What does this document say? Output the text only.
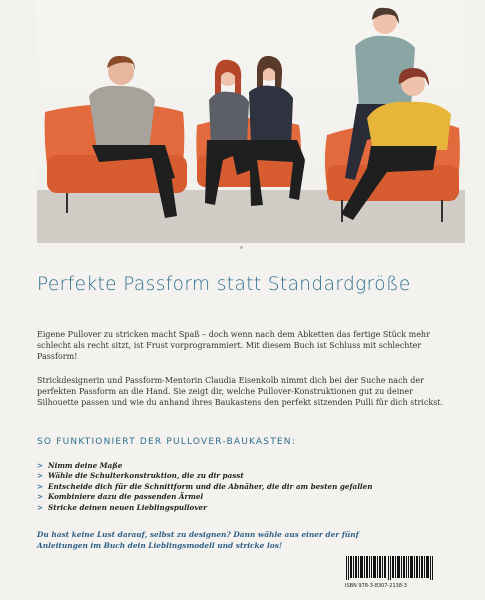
Perfekte Passform statt Standardgröße

Eigene Pullover zu stricken macht Spaß – doch wenn nach dem Abketten das fertige Stück mehr schlecht als recht sitzt, ist Frust vorprogrammiert. Mit diesem Buch ist Schluss mit schlechter Passform!

Strickdesignerin und Passform-Mentorin Claudia Eisenkolb nimmt dich bei der Suche nach der perfekten Passform an die Hand. Sie zeigt dir, welche Pullover-Konstruktionen gut zu deiner Silhouette passen und wie du anhand ihres Baukastens den perfekt sitzenden Pulli für dich strickst.

SO FUNKTIONIERT DER PULLOVER-BAUKASTEN:
> Nimm deine Maße
> Wähle die Schulterkonstruktion, die zu dir passt
> Entscheide dich für die Schnittform und die Abnäher, die dir am besten gefallen
> Kombiniere dazu die passenden Ärmel
> Stricke deinen neuen Lieblingspullover

Du hast keine Lust darauf, selbst zu designen? Dann wähle aus einer der fünf Anleitungen im Buch dein Lieblingsmodell und stricke los!

ISBN 978-3-8307-2138-3
